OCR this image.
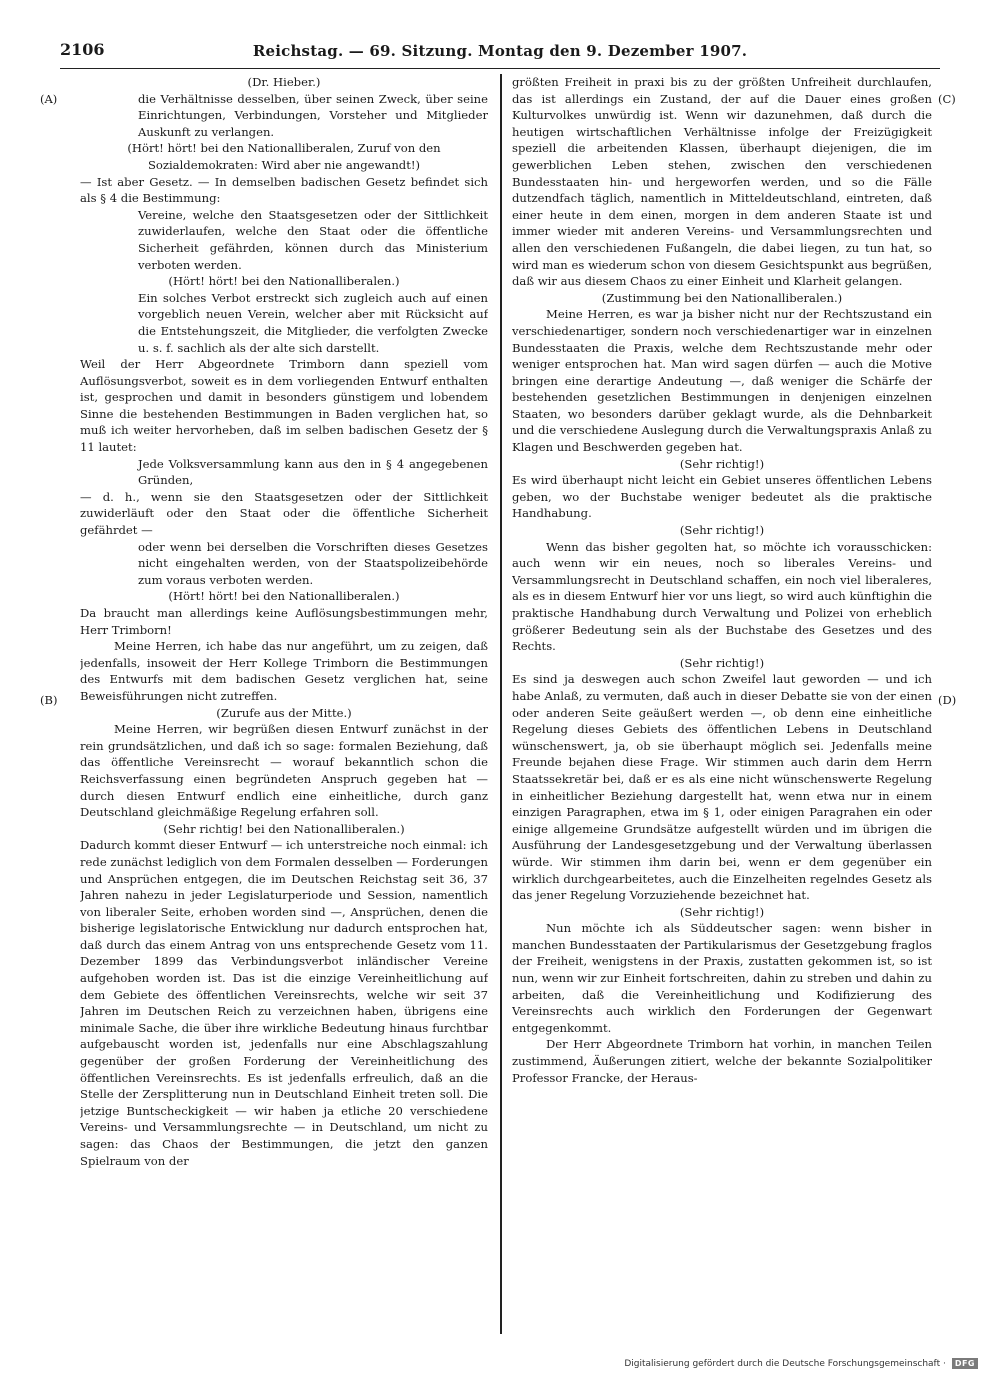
2106	Reichstag. — 69. Sitzung. Montag den 9. Dezember 1907.
(A)
(B)
(C)
(D)

(Dr. Hieber.)

die Verhältnisse desselben, über seinen Zweck, über seine Einrichtungen, Verbindungen, Vorsteher und Mitglieder Auskunft zu verlangen.

(Hört! hört! bei den Nationalliberalen, Zuruf von den Sozialdemokraten: Wird aber nie angewandt!)

— Ist aber Gesetz. — In demselben badischen Gesetz befindet sich als § 4 die Bestimmung:

Vereine, welche den Staatsgesetzen oder der Sittlichkeit zuwiderlaufen, welche den Staat oder die öffentliche Sicherheit gefährden, können durch das Ministerium verboten werden.

(Hört! hört! bei den Nationalliberalen.)

Ein solches Verbot erstreckt sich zugleich auch auf einen vorgeblich neuen Verein, welcher aber mit Rücksicht auf die Entstehungszeit, die Mitglieder, die verfolgten Zwecke u. s. f. sachlich als der alte sich darstellt.

Weil der Herr Abgeordnete Trimborn dann speziell vom Auflösungsverbot, soweit es in dem vorliegenden Entwurf enthalten ist, gesprochen und damit in besonders günstigem und lobendem Sinne die bestehenden Bestimmungen in Baden verglichen hat, so muß ich weiter hervorheben, daß im selben badischen Gesetz der § 11 lautet:

Jede Volksversammlung kann aus den in § 4 angegebenen Gründen,

— d. h., wenn sie den Staatsgesetzen oder der Sittlichkeit zuwiderläuft oder den Staat oder die öffentliche Sicherheit gefährdet —

oder wenn bei derselben die Vorschriften dieses Gesetzes nicht eingehalten werden, von der Staatspolizeibehörde zum voraus verboten werden.

(Hört! hört! bei den Nationalliberalen.)

Da braucht man allerdings keine Auflösungsbestimmungen mehr, Herr Trimborn!

Meine Herren, ich habe das nur angeführt, um zu zeigen, daß jedenfalls, insoweit der Herr Kollege Trimborn die Bestimmungen des Entwurfs mit dem badischen Gesetz verglichen hat, seine Beweisführungen nicht zutreffen.

(Zurufe aus der Mitte.)

Meine Herren, wir begrüßen diesen Entwurf zunächst in der rein grundsätzlichen, und daß ich so sage: formalen Beziehung, daß das öffentliche Vereinsrecht — worauf bekanntlich schon die Reichsverfassung einen begründeten Anspruch gegeben hat — durch diesen Entwurf endlich eine einheitliche, durch ganz Deutschland gleichmäßige Regelung erfahren soll.

(Sehr richtig! bei den Nationalliberalen.)

Dadurch kommt dieser Entwurf — ich unterstreiche noch einmal: ich rede zunächst lediglich von dem Formalen desselben — Forderungen und Ansprüchen entgegen, die im Deutschen Reichstag seit 36, 37 Jahren nahezu in jeder Legislaturperiode und Session, namentlich von liberaler Seite, erhoben worden sind —, Ansprüchen, denen die bisherige legislatorische Entwicklung nur dadurch entsprochen hat, daß durch das einem Antrag von uns entsprechende Gesetz vom 11. Dezember 1899 das Verbindungsverbot inländischer Vereine aufgehoben worden ist. Das ist die einzige Vereinheitlichung auf dem Gebiete des öffentlichen Vereinsrechts, welche wir seit 37 Jahren im Deutschen Reich zu verzeichnen haben, übrigens eine minimale Sache, die über ihre wirkliche Bedeutung hinaus furchtbar aufgebauscht worden ist, jedenfalls nur eine Abschlagszahlung gegenüber der großen Forderung der Vereinheitlichung des öffentlichen Vereinsrechts. Es ist jedenfalls erfreulich, daß an die Stelle der Zersplitterung nun in Deutschland Einheit treten soll. Die jetzige Buntscheckigkeit — wir haben ja etliche 20 verschiedene Vereins- und Versammlungsrechte — in Deutschland, um nicht zu sagen: das Chaos der Bestimmungen, die jetzt den ganzen Spielraum von der

größten Freiheit in praxi bis zu der größten Unfreiheit durchlaufen, das ist allerdings ein Zustand, der auf die Dauer eines großen Kulturvolkes unwürdig ist. Wenn wir dazunehmen, daß durch die heutigen wirtschaftlichen Verhältnisse infolge der Freizügigkeit speziell die arbeitenden Klassen, überhaupt diejenigen, die im gewerblichen Leben stehen, zwischen den verschiedenen Bundesstaaten hin- und hergeworfen werden, und so die Fälle dutzendfach täglich, namentlich in Mitteldeutschland, eintreten, daß einer heute in dem einen, morgen in dem anderen Staate ist und immer wieder mit anderen Vereins- und Versammlungsrechten und allen den verschiedenen Fußangeln, die dabei liegen, zu tun hat, so wird man es wiederum schon von diesem Gesichtspunkt aus begrüßen, daß wir aus diesem Chaos zu einer Einheit und Klarheit gelangen.

(Zustimmung bei den Nationalliberalen.)

Meine Herren, es war ja bisher nicht nur der Rechtszustand ein verschiedenartiger, sondern noch verschiedenartiger war in einzelnen Bundesstaaten die Praxis, welche dem Rechtszustande mehr oder weniger entsprochen hat. Man wird sagen dürfen — auch die Motive bringen eine derartige Andeutung —, daß weniger die Schärfe der bestehenden gesetzlichen Bestimmungen in denjenigen einzelnen Staaten, wo besonders darüber geklagt wurde, als die Dehnbarkeit und die verschiedene Auslegung durch die Verwaltungspraxis Anlaß zu Klagen und Beschwerden gegeben hat.

(Sehr richtig!)

Es wird überhaupt nicht leicht ein Gebiet unseres öffentlichen Lebens geben, wo der Buchstabe weniger bedeutet als die praktische Handhabung.

(Sehr richtig!)

Wenn das bisher gegolten hat, so möchte ich vorausschicken: auch wenn wir ein neues, noch so liberales Vereins- und Versammlungsrecht in Deutschland schaffen, ein noch viel liberaleres, als es in diesem Entwurf hier vor uns liegt, so wird auch künftighin die praktische Handhabung durch Verwaltung und Polizei von erheblich größerer Bedeutung sein als der Buchstabe des Gesetzes und des Rechts.

(Sehr richtig!)

Es sind ja deswegen auch schon Zweifel laut geworden — und ich habe Anlaß, zu vermuten, daß auch in dieser Debatte sie von der einen oder anderen Seite geäußert werden —, ob denn eine einheitliche Regelung dieses Gebiets des öffentlichen Lebens in Deutschland wünschenswert, ja, ob sie überhaupt möglich sei. Jedenfalls meine Freunde bejahen diese Frage. Wir stimmen auch darin dem Herrn Staatssekretär bei, daß er es als eine nicht wünschenswerte Regelung in einheitlicher Beziehung dargestellt hat, wenn etwa nur in einem einzigen Paragraphen, etwa im § 1, oder einigen Paragrahen ein oder einige allgemeine Grundsätze aufgestellt würden und im übrigen die Ausführung der Landesgesetzgebung und der Verwaltung überlassen würde. Wir stimmen ihm darin bei, wenn er dem gegenüber ein wirklich durchgearbeitetes, auch die Einzelheiten regelndes Gesetz als das jener Regelung Vorzuziehende bezeichnet hat.

(Sehr richtig!)

Nun möchte ich als Süddeutscher sagen: wenn bisher in manchen Bundesstaaten der Partikularismus der Gesetzgebung fraglos der Freiheit, wenigstens in der Praxis, zustatten gekommen ist, so ist nun, wenn wir zur Einheit fortschreiten, dahin zu streben und dahin zu arbeiten, daß die Vereinheitlichung und Kodifizierung des Vereinsrechts auch wirklich den Forderungen der Gegenwart entgegenkommt.

Der Herr Abgeordnete Trimborn hat vorhin, in manchen Teilen zustimmend, Äußerungen zitiert, welche der bekannte Sozialpolitiker Professor Francke, der Heraus-

Digitalisierung gefördert durch die Deutsche Forschungsgemeinschaft ·	DFG
